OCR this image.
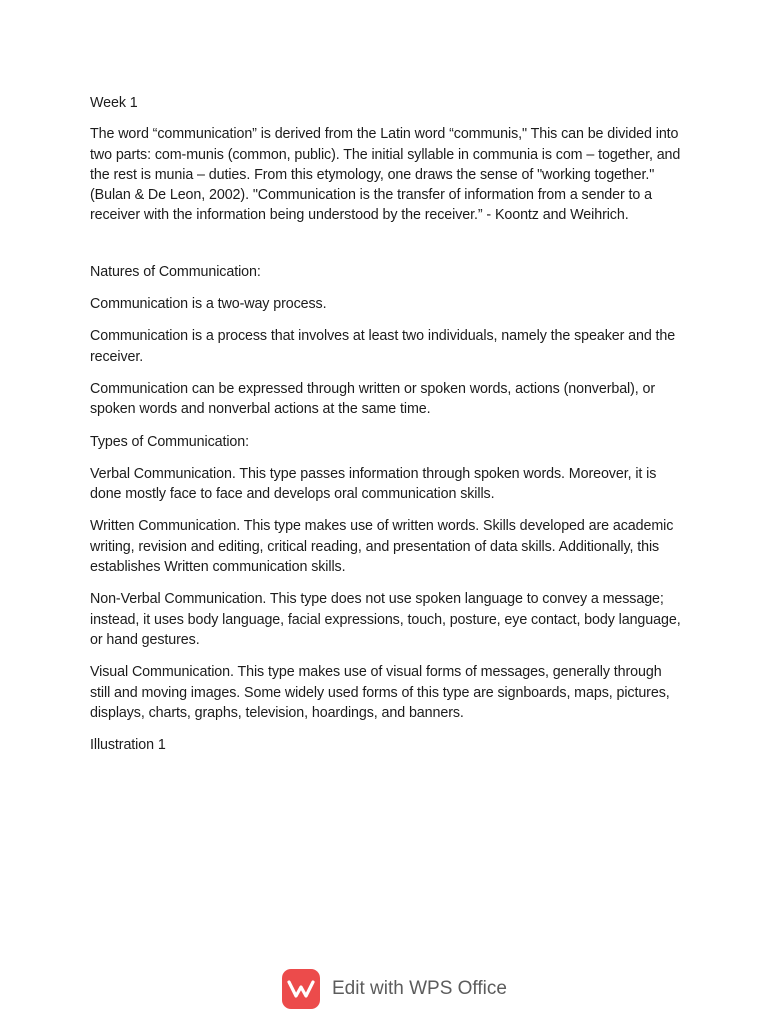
Week 1

The word “communication” is derived from the Latin word “communis," This can be divided into two parts: com-munis (common, public). The initial syllable in communia is com – together, and the rest is munia – duties. From this etymology, one draws the sense of "working together." (Bulan & De Leon, 2002). "Communication is the transfer of information from a sender to a receiver with the information being understood by the receiver.” - Koontz and Weihrich.

Natures of Communication:

Communication is a two-way process.

Communication is a process that involves at least two individuals, namely the speaker and the receiver.

Communication can be expressed through written or spoken words, actions (nonverbal), or spoken words and nonverbal actions at the same time.

Types of Communication:

Verbal Communication. This type passes information through spoken words. Moreover, it is done mostly face to face and develops oral communication skills.

Written Communication. This type makes use of written words. Skills developed are academic writing, revision and editing, critical reading, and presentation of data skills. Additionally, this establishes Written communication skills.

Non-Verbal Communication. This type does not use spoken language to convey a message; instead, it uses body language, facial expressions, touch, posture, eye contact, body language, or hand gestures.

Visual Communication. This type makes use of visual forms of messages, generally through still and moving images. Some widely used forms of this type are signboards, maps, pictures, displays, charts, graphs, television, hoardings, and banners.

Illustration 1

Edit with WPS Office
